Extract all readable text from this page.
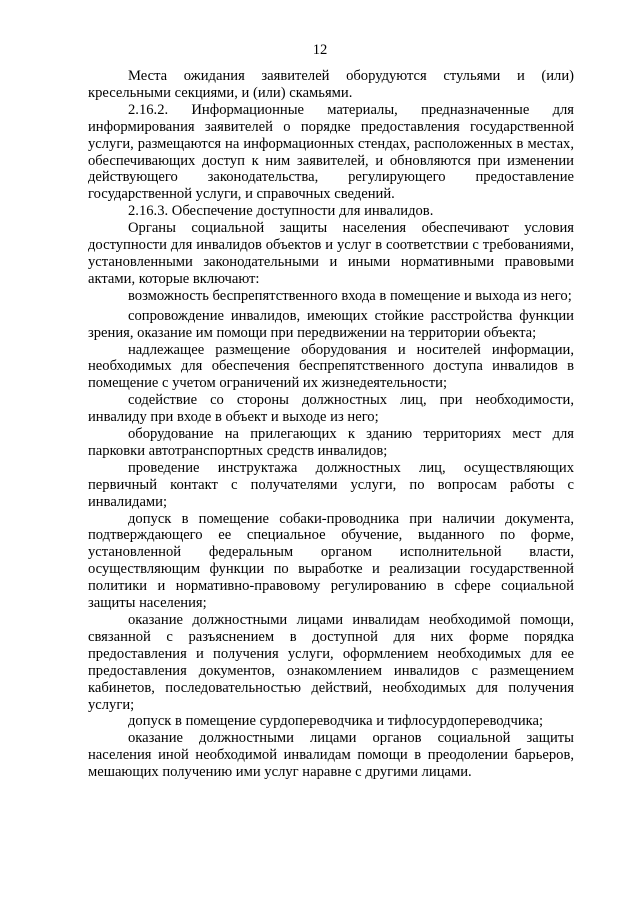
12

Места ожидания заявителей оборудуются стульями и (или) кресельными секциями, и (или) скамьями.

2.16.2. Информационные материалы, предназначенные для информирования заявителей о порядке предоставления государственной услуги, размещаются на информационных стендах, расположенных в местах, обеспечивающих доступ к ним заявителей, и обновляются при изменении действующего законодательства, регулирующего предоставление государственной услуги, и справочных сведений.

2.16.3. Обеспечение доступности для инвалидов.

Органы социальной защиты населения обеспечивают условия доступности для инвалидов объектов и услуг в соответствии с требованиями, установленными законодательными и иными нормативными правовыми актами, которые включают:

возможность беспрепятственного входа в помещение и выхода из него;

сопровождение инвалидов, имеющих стойкие расстройства функции зрения, оказание им помощи при передвижении на территории объекта;

надлежащее размещение оборудования и носителей информации, необходимых для обеспечения беспрепятственного доступа инвалидов в помещение с учетом ограничений их жизнедеятельности;

содействие со стороны должностных лиц, при необходимости, инвалиду при входе в объект и выходе из него;

оборудование на прилегающих к зданию территориях мест для парковки автотранспортных средств инвалидов;

проведение инструктажа должностных лиц, осуществляющих первичный контакт с получателями услуги, по вопросам работы с инвалидами;

допуск в помещение собаки-проводника при наличии документа, подтверждающего ее специальное обучение, выданного по форме, установленной федеральным органом исполнительной власти, осуществляющим функции по выработке и реализации государственной политики и нормативно-правовому регулированию в сфере социальной защиты населения;

оказание должностными лицами инвалидам необходимой помощи, связанной с разъяснением в доступной для них форме порядка предоставления и получения услуги, оформлением необходимых для ее предоставления документов, ознакомлением инвалидов с размещением кабинетов, последовательностью действий, необходимых для получения услуги;

допуск в помещение сурдопереводчика и тифлосурдопереводчика;

оказание должностными лицами органов социальной защиты населения иной необходимой инвалидам помощи в преодолении барьеров, мешающих получению ими услуг наравне с другими лицами.
